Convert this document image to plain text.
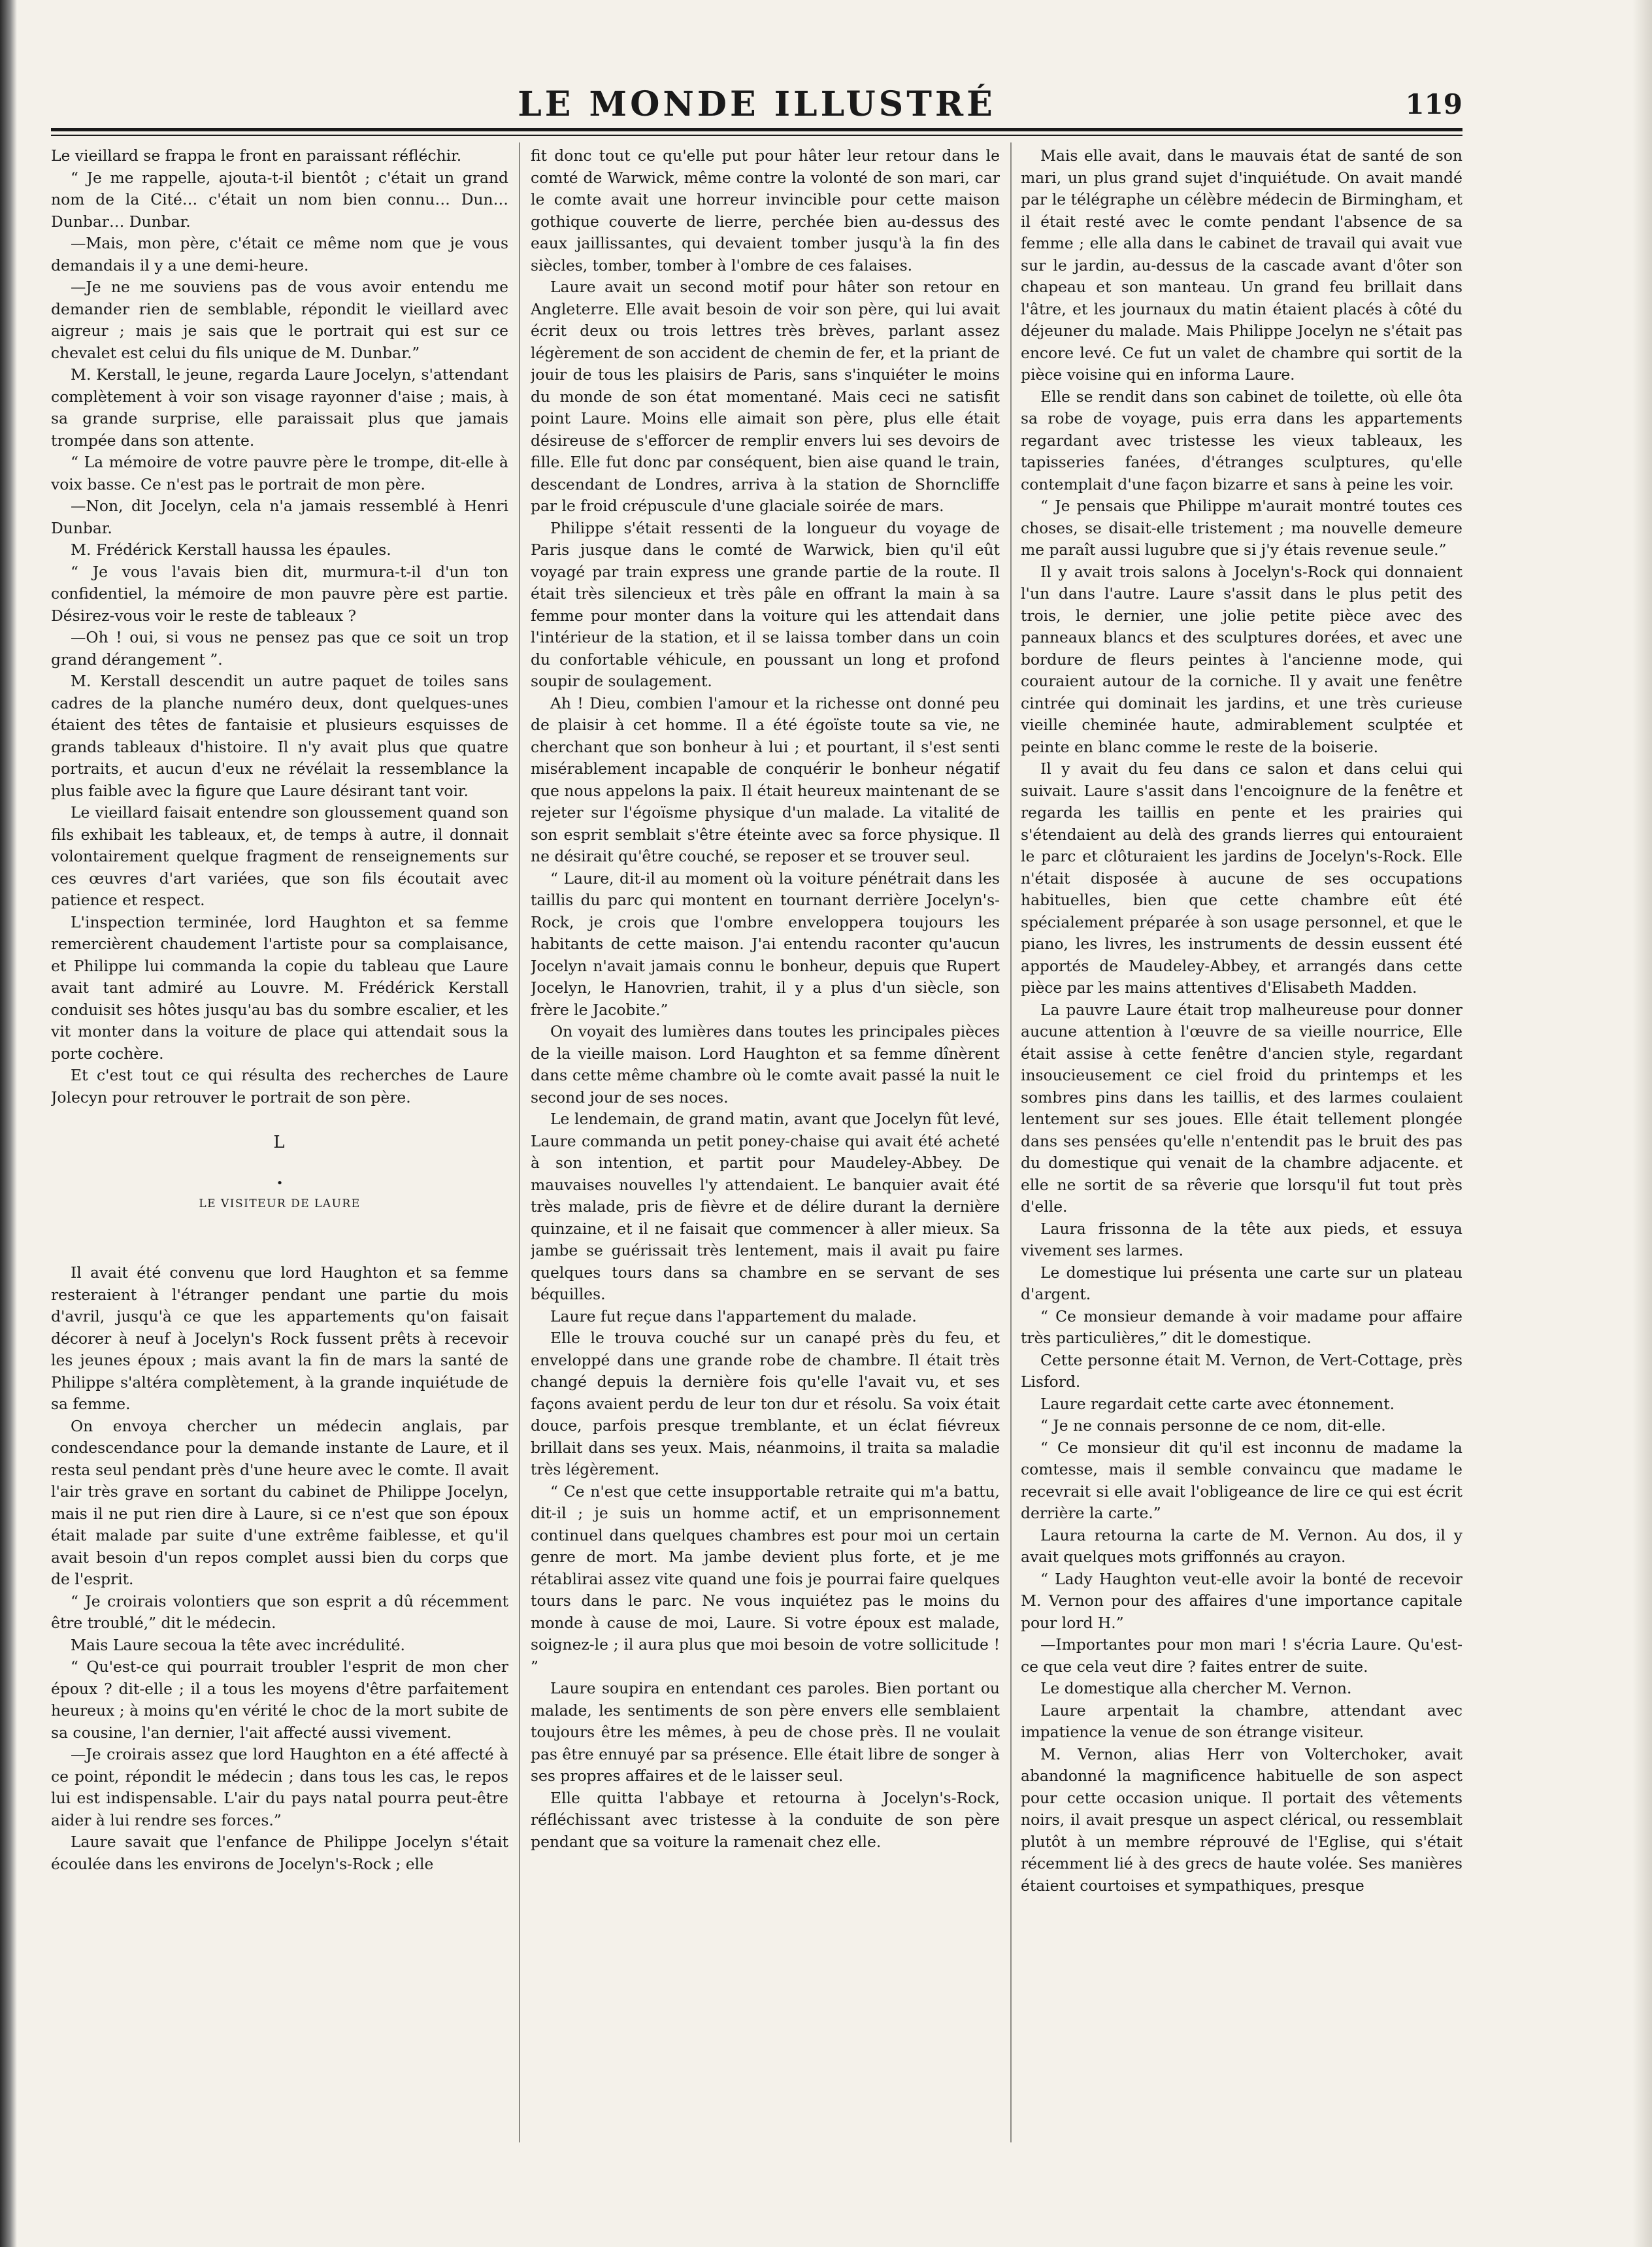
LE MONDE ILLUSTRÉ	119

Le vieillard se frappa le front en paraissant réfléchir.

“ Je me rappelle, ajouta-t-il bientôt ; c'était un grand nom de la Cité… c'était un nom bien connu… Dun… Dunbar… Dunbar.

—Mais, mon père, c'était ce même nom que je vous demandais il y a une demi-heure.

—Je ne me souviens pas de vous avoir entendu me demander rien de semblable, répondit le vieillard avec aigreur ; mais je sais que le portrait qui est sur ce chevalet est celui du fils unique de M. Dunbar.”

M. Kerstall, le jeune, regarda Laure Jocelyn, s'attendant complètement à voir son visage rayonner d'aise ; mais, à sa grande surprise, elle paraissait plus que jamais trompée dans son attente.

“ La mémoire de votre pauvre père le trompe, dit-elle à voix basse. Ce n'est pas le portrait de mon père.

—Non, dit Jocelyn, cela n'a jamais ressemblé à Henri Dunbar.

M. Frédérick Kerstall haussa les épaules.

“ Je vous l'avais bien dit, murmura-t-il d'un ton confidentiel, la mémoire de mon pauvre père est partie. Désirez-vous voir le reste de tableaux ?

—Oh ! oui, si vous ne pensez pas que ce soit un trop grand dérangement ”.

M. Kerstall descendit un autre paquet de toiles sans cadres de la planche numéro deux, dont quelques-unes étaient des têtes de fantaisie et plusieurs esquisses de grands tableaux d'histoire. Il n'y avait plus que quatre portraits, et aucun d'eux ne révélait la ressemblance la plus faible avec la figure que Laure désirant tant voir.

Le vieillard faisait entendre son gloussement quand son fils exhibait les tableaux, et, de temps à autre, il donnait volontairement quelque fragment de renseignements sur ces œuvres d'art variées, que son fils écoutait avec patience et respect.

L'inspection terminée, lord Haughton et sa femme remercièrent chaudement l'artiste pour sa complaisance, et Philippe lui commanda la copie du tableau que Laure avait tant admiré au Louvre. M. Frédérick Kerstall conduisit ses hôtes jusqu'au bas du sombre escalier, et les vit monter dans la voiture de place qui attendait sous la porte cochère.

Et c'est tout ce qui résulta des recherches de Laure Jolecyn pour retrouver le portrait de son père.

L
•
LE VISITEUR DE LAURE

Il avait été convenu que lord Haughton et sa femme resteraient à l'étranger pendant une partie du mois d'avril, jusqu'à ce que les appartements qu'on faisait décorer à neuf à Jocelyn's Rock fussent prêts à recevoir les jeunes époux ; mais avant la fin de mars la santé de Philippe s'altéra complètement, à la grande inquiétude de sa femme.

On envoya chercher un médecin anglais, par condescendance pour la demande instante de Laure, et il resta seul pendant près d'une heure avec le comte. Il avait l'air très grave en sortant du cabinet de Philippe Jocelyn, mais il ne put rien dire à Laure, si ce n'est que son époux était malade par suite d'une extrême faiblesse, et qu'il avait besoin d'un repos complet aussi bien du corps que de l'esprit.

“ Je croirais volontiers que son esprit a dû récemment être troublé,” dit le médecin.

Mais Laure secoua la tête avec incrédulité.

“ Qu'est-ce qui pourrait troubler l'esprit de mon cher époux ? dit-elle ; il a tous les moyens d'être parfaitement heureux ; à moins qu'en vérité le choc de la mort subite de sa cousine, l'an dernier, l'ait affecté aussi vivement.

—Je croirais assez que lord Haughton en a été affecté à ce point, répondit le médecin ; dans tous les cas, le repos lui est indispensable. L'air du pays natal pourra peut-être aider à lui rendre ses forces.”

Laure savait que l'enfance de Philippe Jocelyn s'était écoulée dans les environs de Jocelyn's-Rock ; elle

fit donc tout ce qu'elle put pour hâter leur retour dans le comté de Warwick, même contre la volonté de son mari, car le comte avait une horreur invincible pour cette maison gothique couverte de lierre, perchée bien au-dessus des eaux jaillissantes, qui devaient tomber jusqu'à la fin des siècles, tomber, tomber à l'ombre de ces falaises.

Laure avait un second motif pour hâter son retour en Angleterre. Elle avait besoin de voir son père, qui lui avait écrit deux ou trois lettres très brèves, parlant assez légèrement de son accident de chemin de fer, et la priant de jouir de tous les plaisirs de Paris, sans s'inquiéter le moins du monde de son état momentané. Mais ceci ne satisfit point Laure. Moins elle aimait son père, plus elle était désireuse de s'efforcer de remplir envers lui ses devoirs de fille. Elle fut donc par conséquent, bien aise quand le train, descendant de Londres, arriva à la station de Shorncliffe par le froid crépuscule d'une glaciale soirée de mars.

Philippe s'était ressenti de la longueur du voyage de Paris jusque dans le comté de Warwick, bien qu'il eût voyagé par train express une grande partie de la route. Il était très silencieux et très pâle en offrant la main à sa femme pour monter dans la voiture qui les attendait dans l'intérieur de la station, et il se laissa tomber dans un coin du confortable véhicule, en poussant un long et profond soupir de soulagement.

Ah ! Dieu, combien l'amour et la richesse ont donné peu de plaisir à cet homme. Il a été égoïste toute sa vie, ne cherchant que son bonheur à lui ; et pourtant, il s'est senti misérablement incapable de conquérir le bonheur négatif que nous appelons la paix. Il était heureux maintenant de se rejeter sur l'égoïsme physique d'un malade. La vitalité de son esprit semblait s'être éteinte avec sa force physique. Il ne désirait qu'être couché, se reposer et se trouver seul.

“ Laure, dit-il au moment où la voiture pénétrait dans les taillis du parc qui montent en tournant derrière Jocelyn's-Rock, je crois que l'ombre enveloppera toujours les habitants de cette maison. J'ai entendu raconter qu'aucun Jocelyn n'avait jamais connu le bonheur, depuis que Rupert Jocelyn, le Hanovrien, trahit, il y a plus d'un siècle, son frère le Jacobite.”

On voyait des lumières dans toutes les principales pièces de la vieille maison. Lord Haughton et sa femme dînèrent dans cette même chambre où le comte avait passé la nuit le second jour de ses noces.

Le lendemain, de grand matin, avant que Jocelyn fût levé, Laure commanda un petit poney-chaise qui avait été acheté à son intention, et partit pour Maudeley-Abbey. De mauvaises nouvelles l'y attendaient. Le banquier avait été très malade, pris de fièvre et de délire durant la dernière quinzaine, et il ne faisait que commencer à aller mieux. Sa jambe se guérissait très lentement, mais il avait pu faire quelques tours dans sa chambre en se servant de ses béquilles.

Laure fut reçue dans l'appartement du malade.

Elle le trouva couché sur un canapé près du feu, et enveloppé dans une grande robe de chambre. Il était très changé depuis la dernière fois qu'elle l'avait vu, et ses façons avaient perdu de leur ton dur et résolu. Sa voix était douce, parfois presque tremblante, et un éclat fiévreux brillait dans ses yeux. Mais, néanmoins, il traita sa maladie très légèrement.

“ Ce n'est que cette insupportable retraite qui m'a battu, dit-il ; je suis un homme actif, et un emprisonnement continuel dans quelques chambres est pour moi un certain genre de mort. Ma jambe devient plus forte, et je me rétablirai assez vite quand une fois je pourrai faire quelques tours dans le parc. Ne vous inquiétez pas le moins du monde à cause de moi, Laure. Si votre époux est malade, soignez-le ; il aura plus que moi besoin de votre sollicitude ! ”

Laure soupira en entendant ces paroles. Bien portant ou malade, les sentiments de son père envers elle semblaient toujours être les mêmes, à peu de chose près. Il ne voulait pas être ennuyé par sa présence. Elle était libre de songer à ses propres affaires et de le laisser seul.

Elle quitta l'abbaye et retourna à Jocelyn's-Rock, réfléchissant avec tristesse à la conduite de son père pendant que sa voiture la ramenait chez elle.

Mais elle avait, dans le mauvais état de santé de son mari, un plus grand sujet d'inquiétude. On avait mandé par le télégraphe un célèbre médecin de Birmingham, et il était resté avec le comte pendant l'absence de sa femme ; elle alla dans le cabinet de travail qui avait vue sur le jardin, au-dessus de la cascade avant d'ôter son chapeau et son manteau. Un grand feu brillait dans l'âtre, et les journaux du matin étaient placés à côté du déjeuner du malade. Mais Philippe Jocelyn ne s'était pas encore levé. Ce fut un valet de chambre qui sortit de la pièce voisine qui en informa Laure.

Elle se rendit dans son cabinet de toilette, où elle ôta sa robe de voyage, puis erra dans les appartements regardant avec tristesse les vieux tableaux, les tapisseries fanées, d'étranges sculptures, qu'elle contemplait d'une façon bizarre et sans à peine les voir.

“ Je pensais que Philippe m'aurait montré toutes ces choses, se disait-elle tristement ; ma nouvelle demeure me paraît aussi lugubre que si j'y étais revenue seule.”

Il y avait trois salons à Jocelyn's-Rock qui donnaient l'un dans l'autre. Laure s'assit dans le plus petit des trois, le dernier, une jolie petite pièce avec des panneaux blancs et des sculptures dorées, et avec une bordure de fleurs peintes à l'ancienne mode, qui couraient autour de la corniche. Il y avait une fenêtre cintrée qui dominait les jardins, et une très curieuse vieille cheminée haute, admirablement sculptée et peinte en blanc comme le reste de la boiserie.

Il y avait du feu dans ce salon et dans celui qui suivait. Laure s'assit dans l'encoignure de la fenêtre et regarda les taillis en pente et les prairies qui s'étendaient au delà des grands lierres qui entouraient le parc et clôturaient les jardins de Jocelyn's-Rock. Elle n'était disposée à aucune de ses occupations habituelles, bien que cette chambre eût été spécialement préparée à son usage personnel, et que le piano, les livres, les instruments de dessin eussent été apportés de Maudeley-Abbey, et arrangés dans cette pièce par les mains attentives d'Elisabeth Madden.

La pauvre Laure était trop malheureuse pour donner aucune attention à l'œuvre de sa vieille nourrice, Elle était assise à cette fenêtre d'ancien style, regardant insoucieusement ce ciel froid du printemps et les sombres pins dans les taillis, et des larmes coulaient lentement sur ses joues. Elle était tellement plongée dans ses pensées qu'elle n'entendit pas le bruit des pas du domestique qui venait de la chambre adjacente. et elle ne sortit de sa rêverie que lorsqu'il fut tout près d'elle.

Laura frissonna de la tête aux pieds, et essuya vivement ses larmes.

Le domestique lui présenta une carte sur un plateau d'argent.

“ Ce monsieur demande à voir madame pour affaire très particulières,” dit le domestique.

Cette personne était M. Vernon, de Vert-Cottage, près Lisford.

Laure regardait cette carte avec étonnement.

“ Je ne connais personne de ce nom, dit-elle.

“ Ce monsieur dit qu'il est inconnu de madame la comtesse, mais il semble convaincu que madame le recevrait si elle avait l'obligeance de lire ce qui est écrit derrière la carte.”

Laura retourna la carte de M. Vernon. Au dos, il y avait quelques mots griffonnés au crayon.

“ Lady Haughton veut-elle avoir la bonté de recevoir M. Vernon pour des affaires d'une importance capitale pour lord H.”

—Importantes pour mon mari ! s'écria Laure. Qu'est-ce que cela veut dire ? faites entrer de suite.

Le domestique alla chercher M. Vernon.

Laure arpentait la chambre, attendant avec impatience la venue de son étrange visiteur.

M. Vernon, alias Herr von Volterchoker, avait abandonné la magnificence habituelle de son aspect pour cette occasion unique. Il portait des vêtements noirs, il avait presque un aspect clérical, ou ressemblait plutôt à un membre réprouvé de l'Eglise, qui s'était récemment lié à des grecs de haute volée. Ses manières étaient courtoises et sympathiques, presque
